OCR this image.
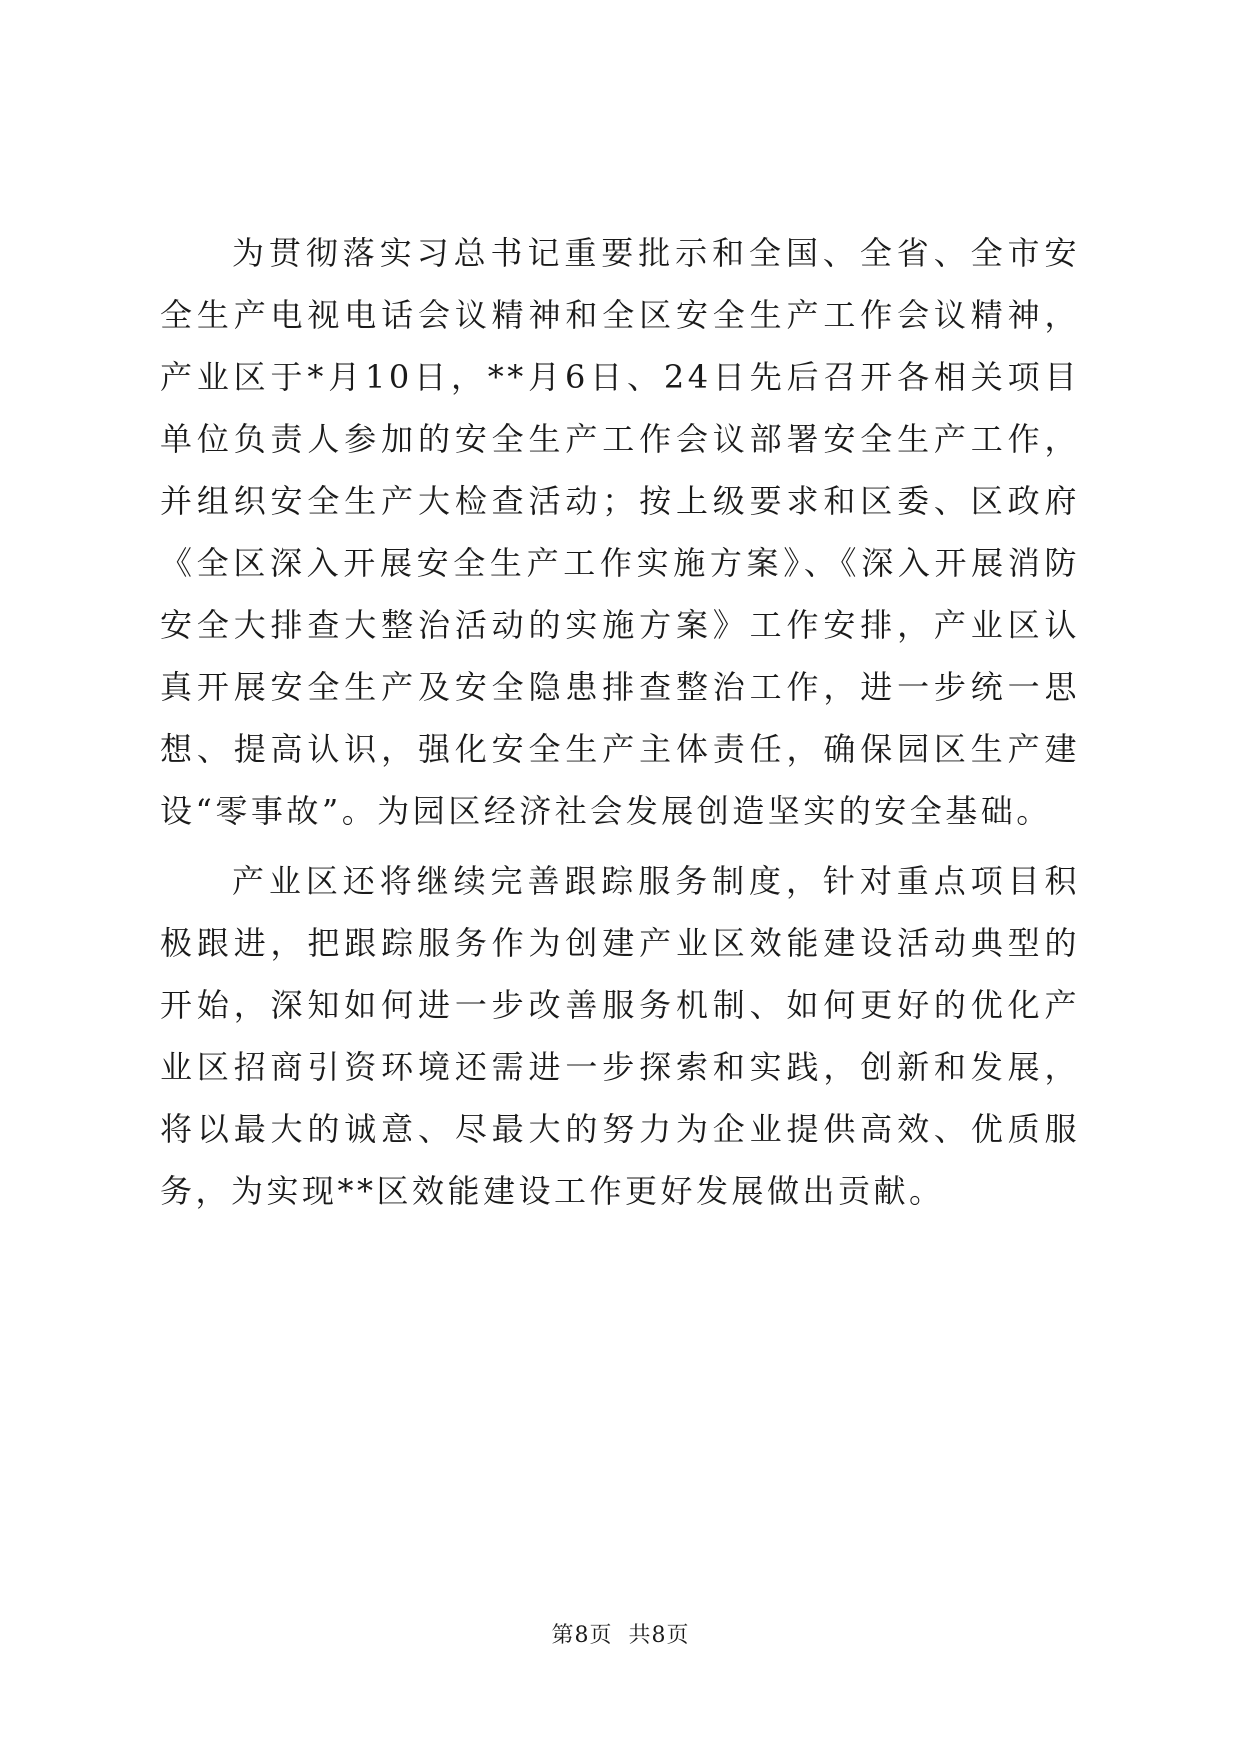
为贯彻落实习总书记重要批示和全国、全省、全市安全生产电视电话会议精神和全区安全生产工作会议精神，产业区于*月10日，**月6日、24日先后召开各相关项目单位负责人参加的安全生产工作会议部署安全生产工作，并组织安全生产大检查活动；按上级要求和区委、区政府《全区深入开展安全生产工作实施方案》、《深入开展消防安全大排查大整治活动的实施方案》工作安排，产业区认真开展安全生产及安全隐患排查整治工作，进一步统一思想、提高认识，强化安全生产主体责任，确保园区生产建设“零事故”。为园区经济社会发展创造坚实的安全基础。

产业区还将继续完善跟踪服务制度，针对重点项目积极跟进，把跟踪服务作为创建产业区效能建设活动典型的开始，深知如何进一步改善服务机制、如何更好的优化产业区招商引资环境还需进一步探索和实践，创新和发展，将以最大的诚意、尽最大的努力为企业提供高效、优质服务，为实现**区效能建设工作更好发展做出贡献。

第8页 共8页
